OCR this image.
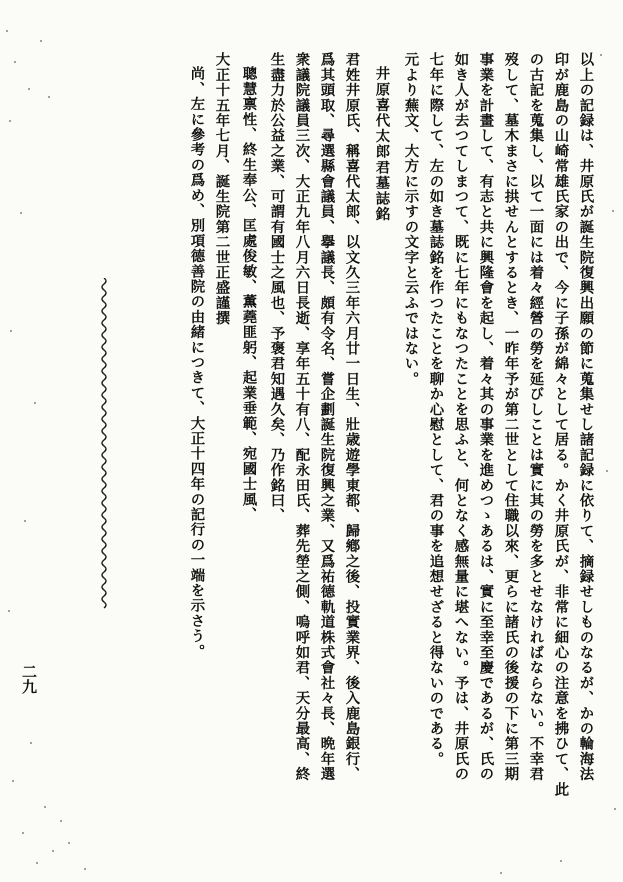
以上の記録は、井原氏が誕生院復興出願の節に蒐集せし諸記録に依りて、摘録せしものなるが、かの輪海法
印が鹿島の山崎常雄氏家の出で、今に子孫が綿々として居る。かく井原氏が、非常に細心の注意を拂ひて、此
の古記を蒐集し、以て一面には着々經營の勞を延びしことは實に其の勞を多とせなければならない。不幸君
歿して、墓木まさに拱せんとするとき、一昨年予が第二世として住職以來、更らに諸氏の後援の下に第三期
事業を計畫して、有志と共に興隆會を起し、着々其の事業を進めつゝあるは、實に至幸至慶であるが、氏の
如き人が去つてしまつて、既に七年にもなつたことを思ふと、何となく感無量に堪へない。予は、井原氏の
七年に際して、左の如き墓誌銘を作つたことを聊か心慰として、君の事を追想せざると得ないのである。
元より蕪文、大方に示すの文字と云ふではない。
井原喜代太郎君墓誌銘
君姓井原氏、稱喜代太郎、以文久三年六月廿一日生、壯歳遊學東都、歸鄕之後、投實業界、後入鹿島銀行、
爲其頭取、尋選縣會議員、擧議長、頗有令名、嘗企劃誕生院復興之業、又爲祐德軌道株式會社々長、晩年選
衆議院議員三次、大正九年八月六日長逝、享年五十有八、配永田氏、葬先塋之側、嗚呼如君、天分最高、終
生盡力於公益之業、可謂有國士之風也、予褒君知遇久矣、乃作銘曰、
聰慧禀性、終生奉公、匡處俊敏、薫蕘匪躬、起業垂範、宛國士風、
大正十五年七月、誕生院第二世正盛謹撰
尚、左に參考の爲め、別項德善院の由緒につきて、大正十四年の記行の一端を示さう。
二九
